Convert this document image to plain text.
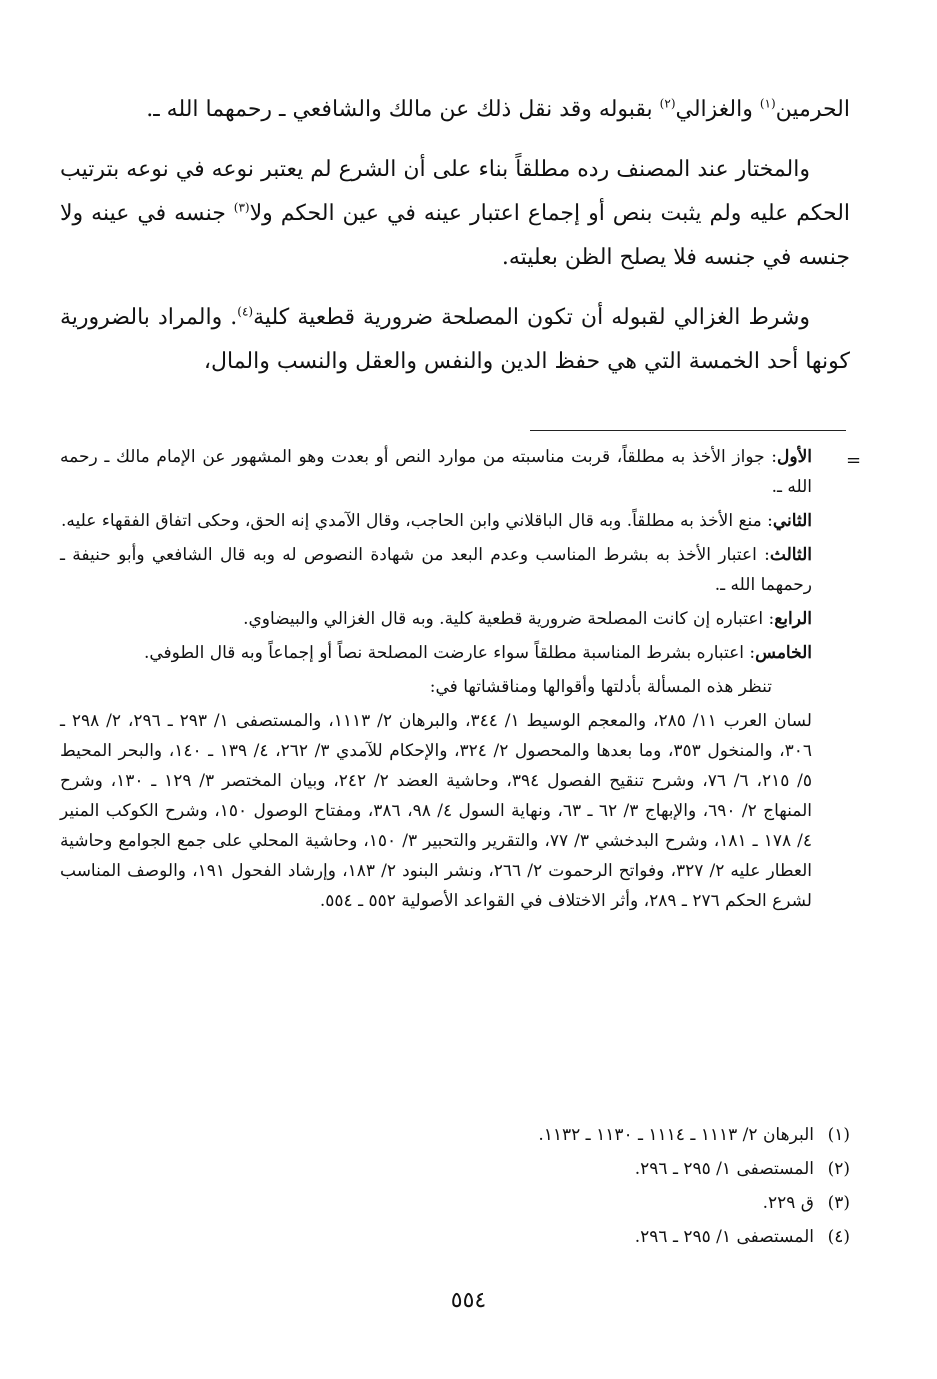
الحرمين$^{(١)}$ والغزالي$^{(٢)}$ بقبوله وقد نقل ذلك عن مالك والشافعي ـ رحمهما الله ـ.

والمختار عند المصنف رده مطلقاً بناء على أن الشرع لم يعتبر نوعه في نوعه بترتيب الحكم عليه ولم يثبت بنص أو إجماع اعتبار عينه في عين الحكم ولا$^{(٣)}$ جنسه في عينه ولا جنسه في جنسه فلا يصلح الظن بعليته.

وشرط الغزالي لقبوله أن تكون المصلحة ضرورية قطعية كلية$^{(٤)}$. والمراد بالضرورية كونها أحد الخمسة التي هي حفظ الدين والنفس والعقل والنسب والمال،

=

الأول: جواز الأخذ به مطلقاً، قربت مناسبته من موارد النص أو بعدت وهو المشهور عن الإمام مالك ـ رحمه الله ـ.

الثاني: منع الأخذ به مطلقاً. وبه قال الباقلاني وابن الحاجب، وقال الآمدي إنه الحق، وحكى اتفاق الفقهاء عليه.

الثالث: اعتبار الأخذ به بشرط المناسب وعدم البعد من شهادة النصوص له وبه قال الشافعي وأبو حنيفة ـ رحمهما الله ـ.

الرابع: اعتباره إن كانت المصلحة ضرورية قطعية كلية. وبه قال الغزالي والبيضاوي.

الخامس: اعتباره بشرط المناسبة مطلقاً سواء عارضت المصلحة نصاً أو إجماعاً وبه قال الطوفي.

تنظر هذه المسألة بأدلتها وأقوالها ومناقشاتها في:

لسان العرب ١١/ ٢٨٥، والمعجم الوسيط ١/ ٣٤٤، والبرهان ٢/ ١١١٣، والمستصفى ١/ ٢٩٣ ـ ٢٩٦، ٢/ ٢٩٨ ـ ٣٠٦، والمنخول ٣٥٣، وما بعدها والمحصول ٢/ ٣٢٤، والإحكام للآمدي ٣/ ٢٦٢، ٤/ ١٣٩ ـ ١٤٠، والبحر المحيط ٥/ ٢١٥، ٦/ ٧٦، وشرح تنقيح الفصول ٣٩٤، وحاشية العضد ٢/ ٢٤٢، وبيان المختصر ٣/ ١٢٩ ـ ١٣٠، وشرح المنهاج ٢/ ٦٩٠، والإبهاج ٣/ ٦٢ ـ ٦٣، ونهاية السول ٤/ ٩٨، ٣٨٦، ومفتاح الوصول ١٥٠، وشرح الكوكب المنير ٤/ ١٧٨ ـ ١٨١، وشرح البدخشي ٣/ ٧٧، والتقرير والتحبير ٣/ ١٥٠، وحاشية المحلي على جمع الجوامع وحاشية العطار عليه ٢/ ٣٢٧، وفواتح الرحموت ٢/ ٢٦٦، ونشر البنود ٢/ ١٨٣، وإرشاد الفحول ١٩١، والوصف المناسب لشرع الحكم ٢٧٦ ـ ٢٨٩، وأثر الاختلاف في القواعد الأصولية ٥٥٢ ـ ٥٥٤.

(١)البرهان ٢/ ١١١٣ ـ ١١١٤ ـ ١١٣٠ ـ ١١٣٢.
(٢)المستصفى ١/ ٢٩٥ ـ ٢٩٦.
(٣)ق ٢٢٩.
(٤)المستصفى ١/ ٢٩٥ ـ ٢٩٦.
٥٥٤
